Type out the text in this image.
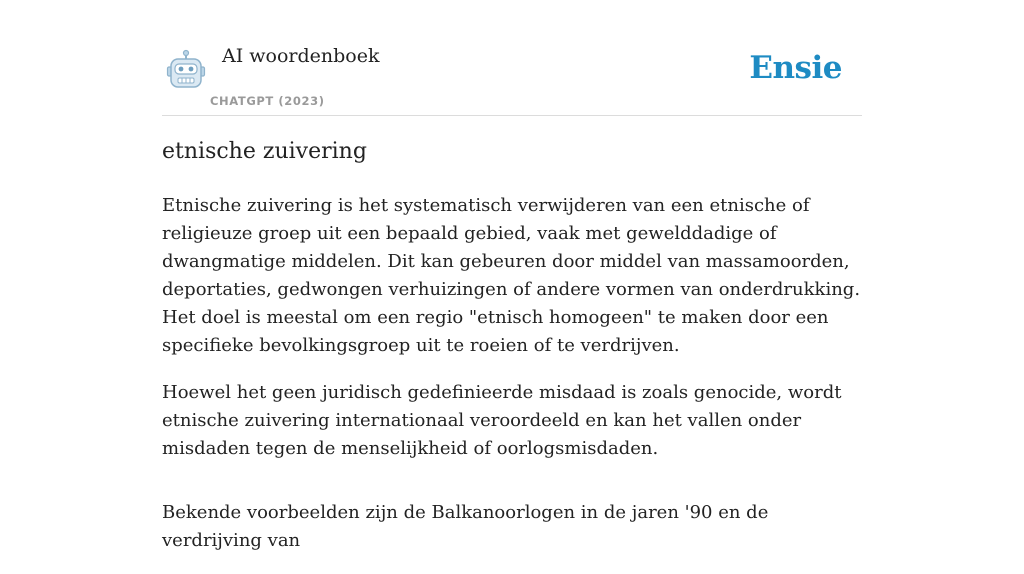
AI woordenboek
CHATGPT (2023)
Ensie
etnische zuivering

Etnische zuivering is het systematisch verwijderen van een etnische of religieuze groep uit een bepaald gebied, vaak met gewelddadige of dwangmatige middelen. Dit kan gebeuren door middel van massamoorden, deportaties, gedwongen verhuizingen of andere vormen van onderdrukking. Het doel is meestal om een regio "etnisch homogeen" te maken door een specifieke bevolkingsgroep uit te roeien of te verdrijven.

Hoewel het geen juridisch gedefinieerde misdaad is zoals genocide, wordt etnische zuivering internationaal veroordeeld en kan het vallen onder misdaden tegen de menselijkheid of oorlogsmisdaden.

Bekende voorbeelden zijn de Balkanoorlogen in de jaren '90 en de verdrijving van
